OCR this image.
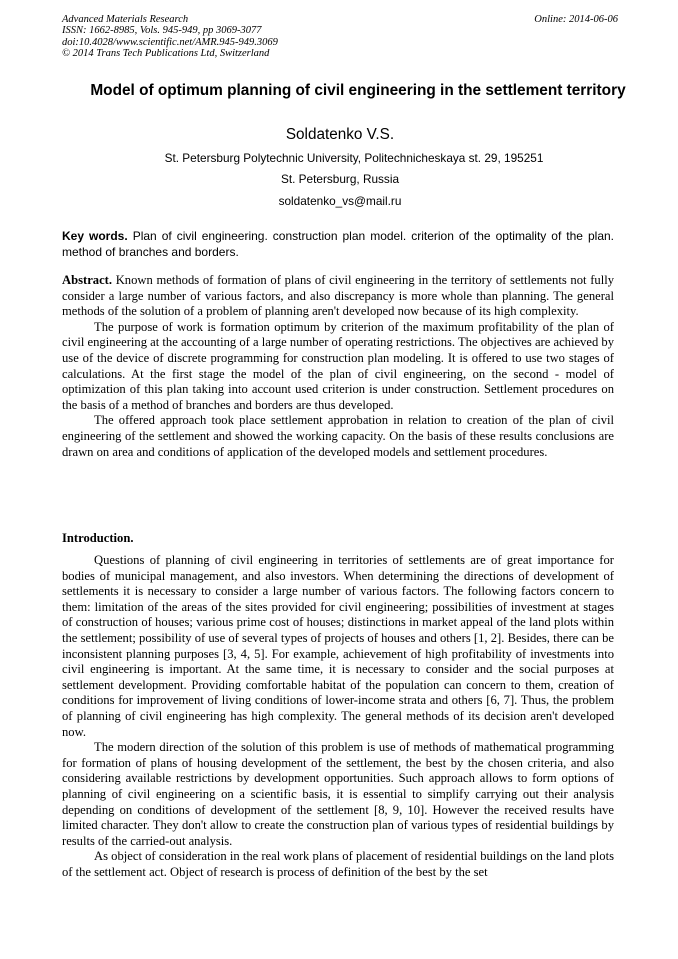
Advanced Materials Research
ISSN: 1662-8985, Vols. 945-949, pp 3069-3077
doi:10.4028/www.scientific.net/AMR.945-949.3069
© 2014 Trans Tech Publications Ltd, Switzerland
Online: 2014-06-06
Model of optimum planning of civil engineering in the settlement territory
Soldatenko V.S.
St. Petersburg Polytechnic University, Politechnicheskaya st. 29, 195251
St. Petersburg, Russia
soldatenko_vs@mail.ru
Key words. Plan of civil engineering. construction plan model. criterion of the optimality of the plan. method of branches and borders.

Abstract. Known methods of formation of plans of civil engineering in the territory of settlements not fully consider a large number of various factors, and also discrepancy is more whole than planning. The general methods of the solution of a problem of planning aren't developed now because of its high complexity.

The purpose of work is formation optimum by criterion of the maximum profitability of the plan of civil engineering at the accounting of a large number of operating restrictions. The objectives are achieved by use of the device of discrete programming for construction plan modeling. It is offered to use two stages of calculations. At the first stage the model of the plan of civil engineering, on the second - model of optimization of this plan taking into account used criterion is under construction. Settlement procedures on the basis of a method of branches and borders are thus developed.

The offered approach took place settlement approbation in relation to creation of the plan of civil engineering of the settlement and showed the working capacity. On the basis of these results conclusions are drawn on area and conditions of application of the developed models and settlement procedures.

Introduction.

Questions of planning of civil engineering in territories of settlements are of great importance for bodies of municipal management, and also investors. When determining the directions of development of settlements it is necessary to consider a large number of various factors. The following factors concern to them: limitation of the areas of the sites provided for civil engineering; possibilities of investment at stages of construction of houses; various prime cost of houses; distinctions in market appeal of the land plots within the settlement; possibility of use of several types of projects of houses and others [1, 2]. Besides, there can be inconsistent planning purposes [3, 4, 5]. For example, achievement of high profitability of investments into civil engineering is important. At the same time, it is necessary to consider and the social purposes at settlement development. Providing comfortable habitat of the population can concern to them, creation of conditions for improvement of living conditions of lower-income strata and others [6, 7]. Thus, the problem of planning of civil engineering has high complexity. The general methods of its decision aren't developed now.

The modern direction of the solution of this problem is use of methods of mathematical programming for formation of plans of housing development of the settlement, the best by the chosen criteria, and also considering available restrictions by development opportunities. Such approach allows to form options of planning of civil engineering on a scientific basis, it is essential to simplify carrying out their analysis depending on conditions of development of the settlement [8, 9, 10]. However the received results have limited character. They don't allow to create the construction plan of various types of residential buildings by results of the carried-out analysis.

As object of consideration in the real work plans of placement of residential buildings on the land plots of the settlement act. Object of research is process of definition of the best by the set
